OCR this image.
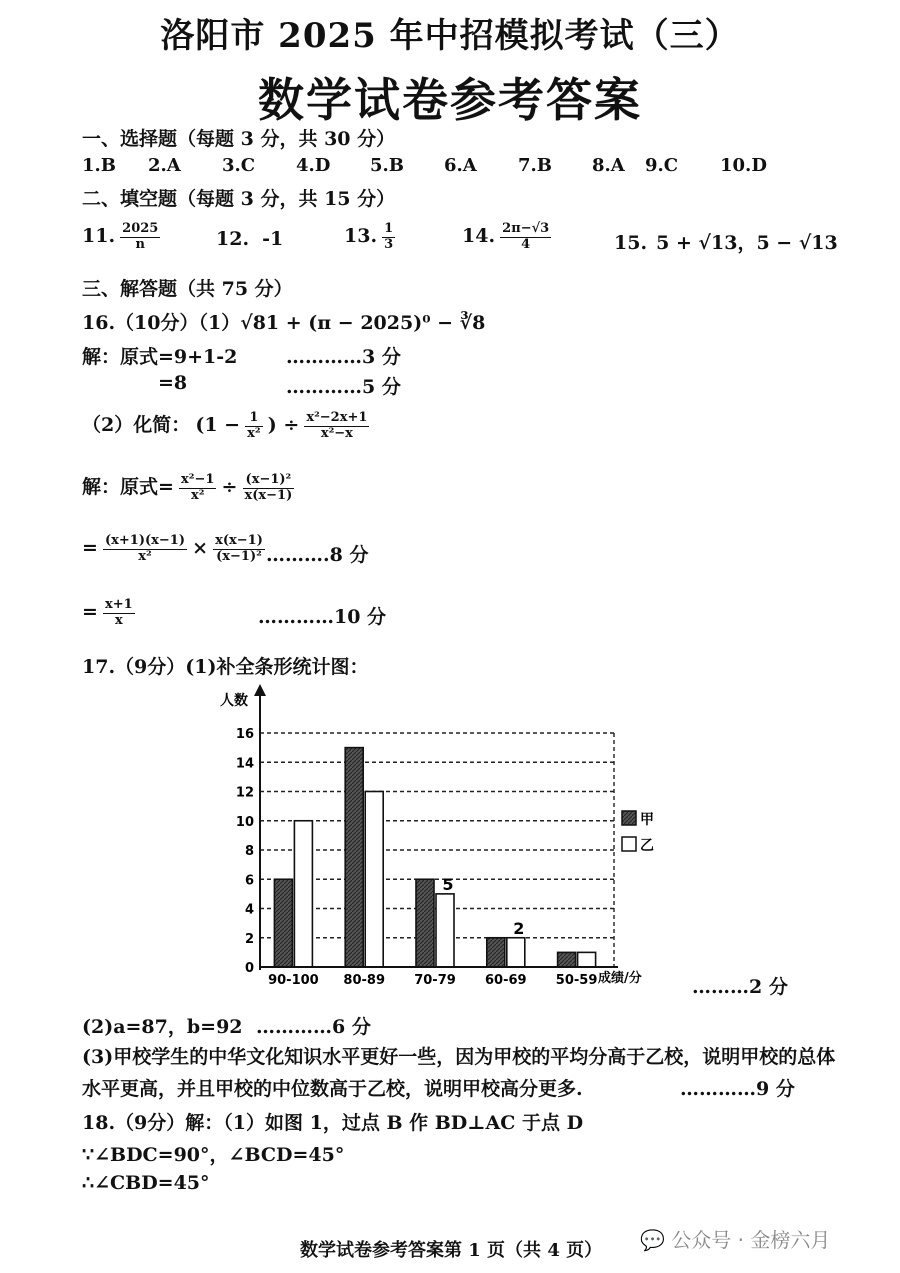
洛阳市 2025 年中招模拟考试（三）
数学试卷参考答案
一、选择题（每题 3 分，共 30 分）
1.B 2.A 3.C 4.D 5.B 6.A 7.B 8.A 9.C 10.D
二、填空题（每题 3 分，共 15 分）
11. $\frac{2025}{n}$	12. -1	13. $\frac{1}{3}$	14. $\frac{2\pi-√3}{4}$	15. 5 + √13，5 − √13
三、解答题（共 75 分）
16.（10分）（1）√81 + (π − 2025)⁰ − ∛8
解：原式=9+1-2	…………3 分
=8	…………5 分
（2）化简： ($1 - \frac{1}{\text{x²}}$ ) ÷ $\frac{\text{x²−2x+1}}{\text{x²−x}}$
解：原式= $\frac{\text{x²−1}}{\text{x²}} \div \frac{\text{(x−1)²}}{x(x-1)}$
= $\frac{(x+1)(x-1)}{\text{x²}} \times \frac{x(x-1)}{\text{(x−1)²}}$ ……….8 分
= $\frac{x+1}{x}$	…………10 分
17.（9分）(1)补全条形统计图：
0
2
4
6
8
10
12
14
16
90-100 80-89 70-79 60-69 50-59
5
2
人数
成绩/分
甲
乙
………2 分
(2)a=87，b=92 …………6 分
(3)甲校学生的中华文化知识水平更好一些，因为甲校的平均分高于乙校，说明甲校的总体
水平更高，并且甲校的中位数高于乙校，说明甲校高分更多.	…………9 分
18.（9分）解：（1）如图 1，过点 B 作 BD⊥AC 于点 D
∵∠BDC=90°，∠BCD=45°
∴∠CBD=45°
数学试卷参考答案第 1 页（共 4 页） 💬 公众号 · 金榜六月
